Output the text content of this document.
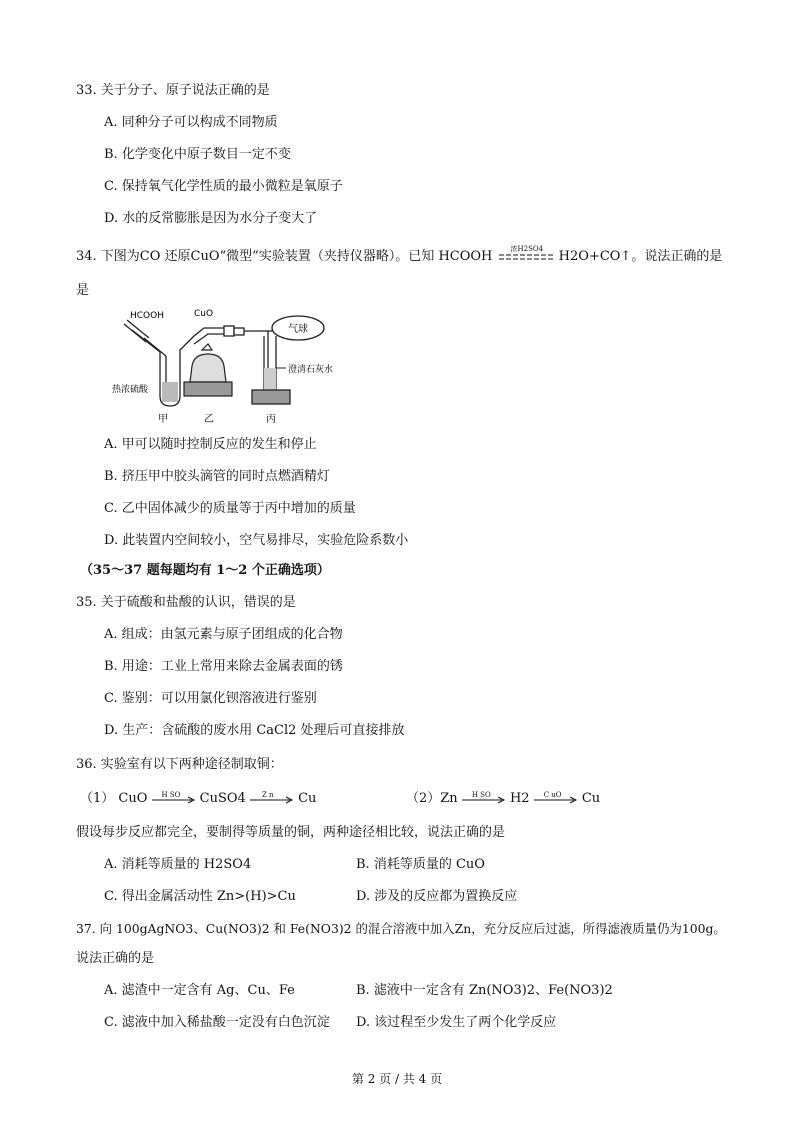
33. 关于分子、原子说法正确的是
A. 同种分子可以构成不同物质
B. 化学变化中原子数目一定不变
C. 保持氧气化学性质的最小微粒是氧原子
D. 水的反常膨胀是因为水分子变大了
34. 下图为CO 还原CuO“微型”实验装置（夹持仪器略）。已知 HCOOH
浓H2SO4
H2O+CO↑。说法正确的是
是
HCOOH
热浓硫酸
CuO
气球
澄清石灰水
甲	乙	丙
A. 甲可以随时控制反应的发生和停止
B. 挤压甲中胶头滴管的同时点燃酒精灯
C. 乙中固体减少的质量等于丙中增加的质量
D. 此装置内空间较小，空气易排尽，实验危险系数小
（35～37 题每题均有 1～2 个正确选项）
35. 关于硫酸和盐酸的认识，错误的是
A. 组成：由氢元素与原子团组成的化合物
B. 用途：工业上常用来除去金属表面的锈
C. 鉴别：可以用氯化钡溶液进行鉴别
D. 生产：含硫酸的废水用 CaCl2 处理后可直接排放
36. 实验室有以下两种途径制取铜：
（1） CuO H SO CuSO4 Z n Cu	（2）Zn H SO H2 C uO Cu
假设每步反应都完全，要制得等质量的铜，两种途径相比较，说法正确的是
A. 消耗等质量的 H2SO4	B. 消耗等质量的 CuO
C. 得出金属活动性 Zn>(H)>Cu	D. 涉及的反应都为置换反应
37. 向 100gAgNO3、Cu(NO3)2 和 Fe(NO3)2 的混合溶液中加入Zn，充分反应后过滤，所得滤液质量仍为100g。
说法正确的是
A. 滤渣中一定含有 Ag、Cu、Fe	B. 滤液中一定含有 Zn(NO3)2、Fe(NO3)2
C. 滤液中加入稀盐酸一定没有白色沉淀 D. 该过程至少发生了两个化学反应
第 2 页 / 共 4 页
